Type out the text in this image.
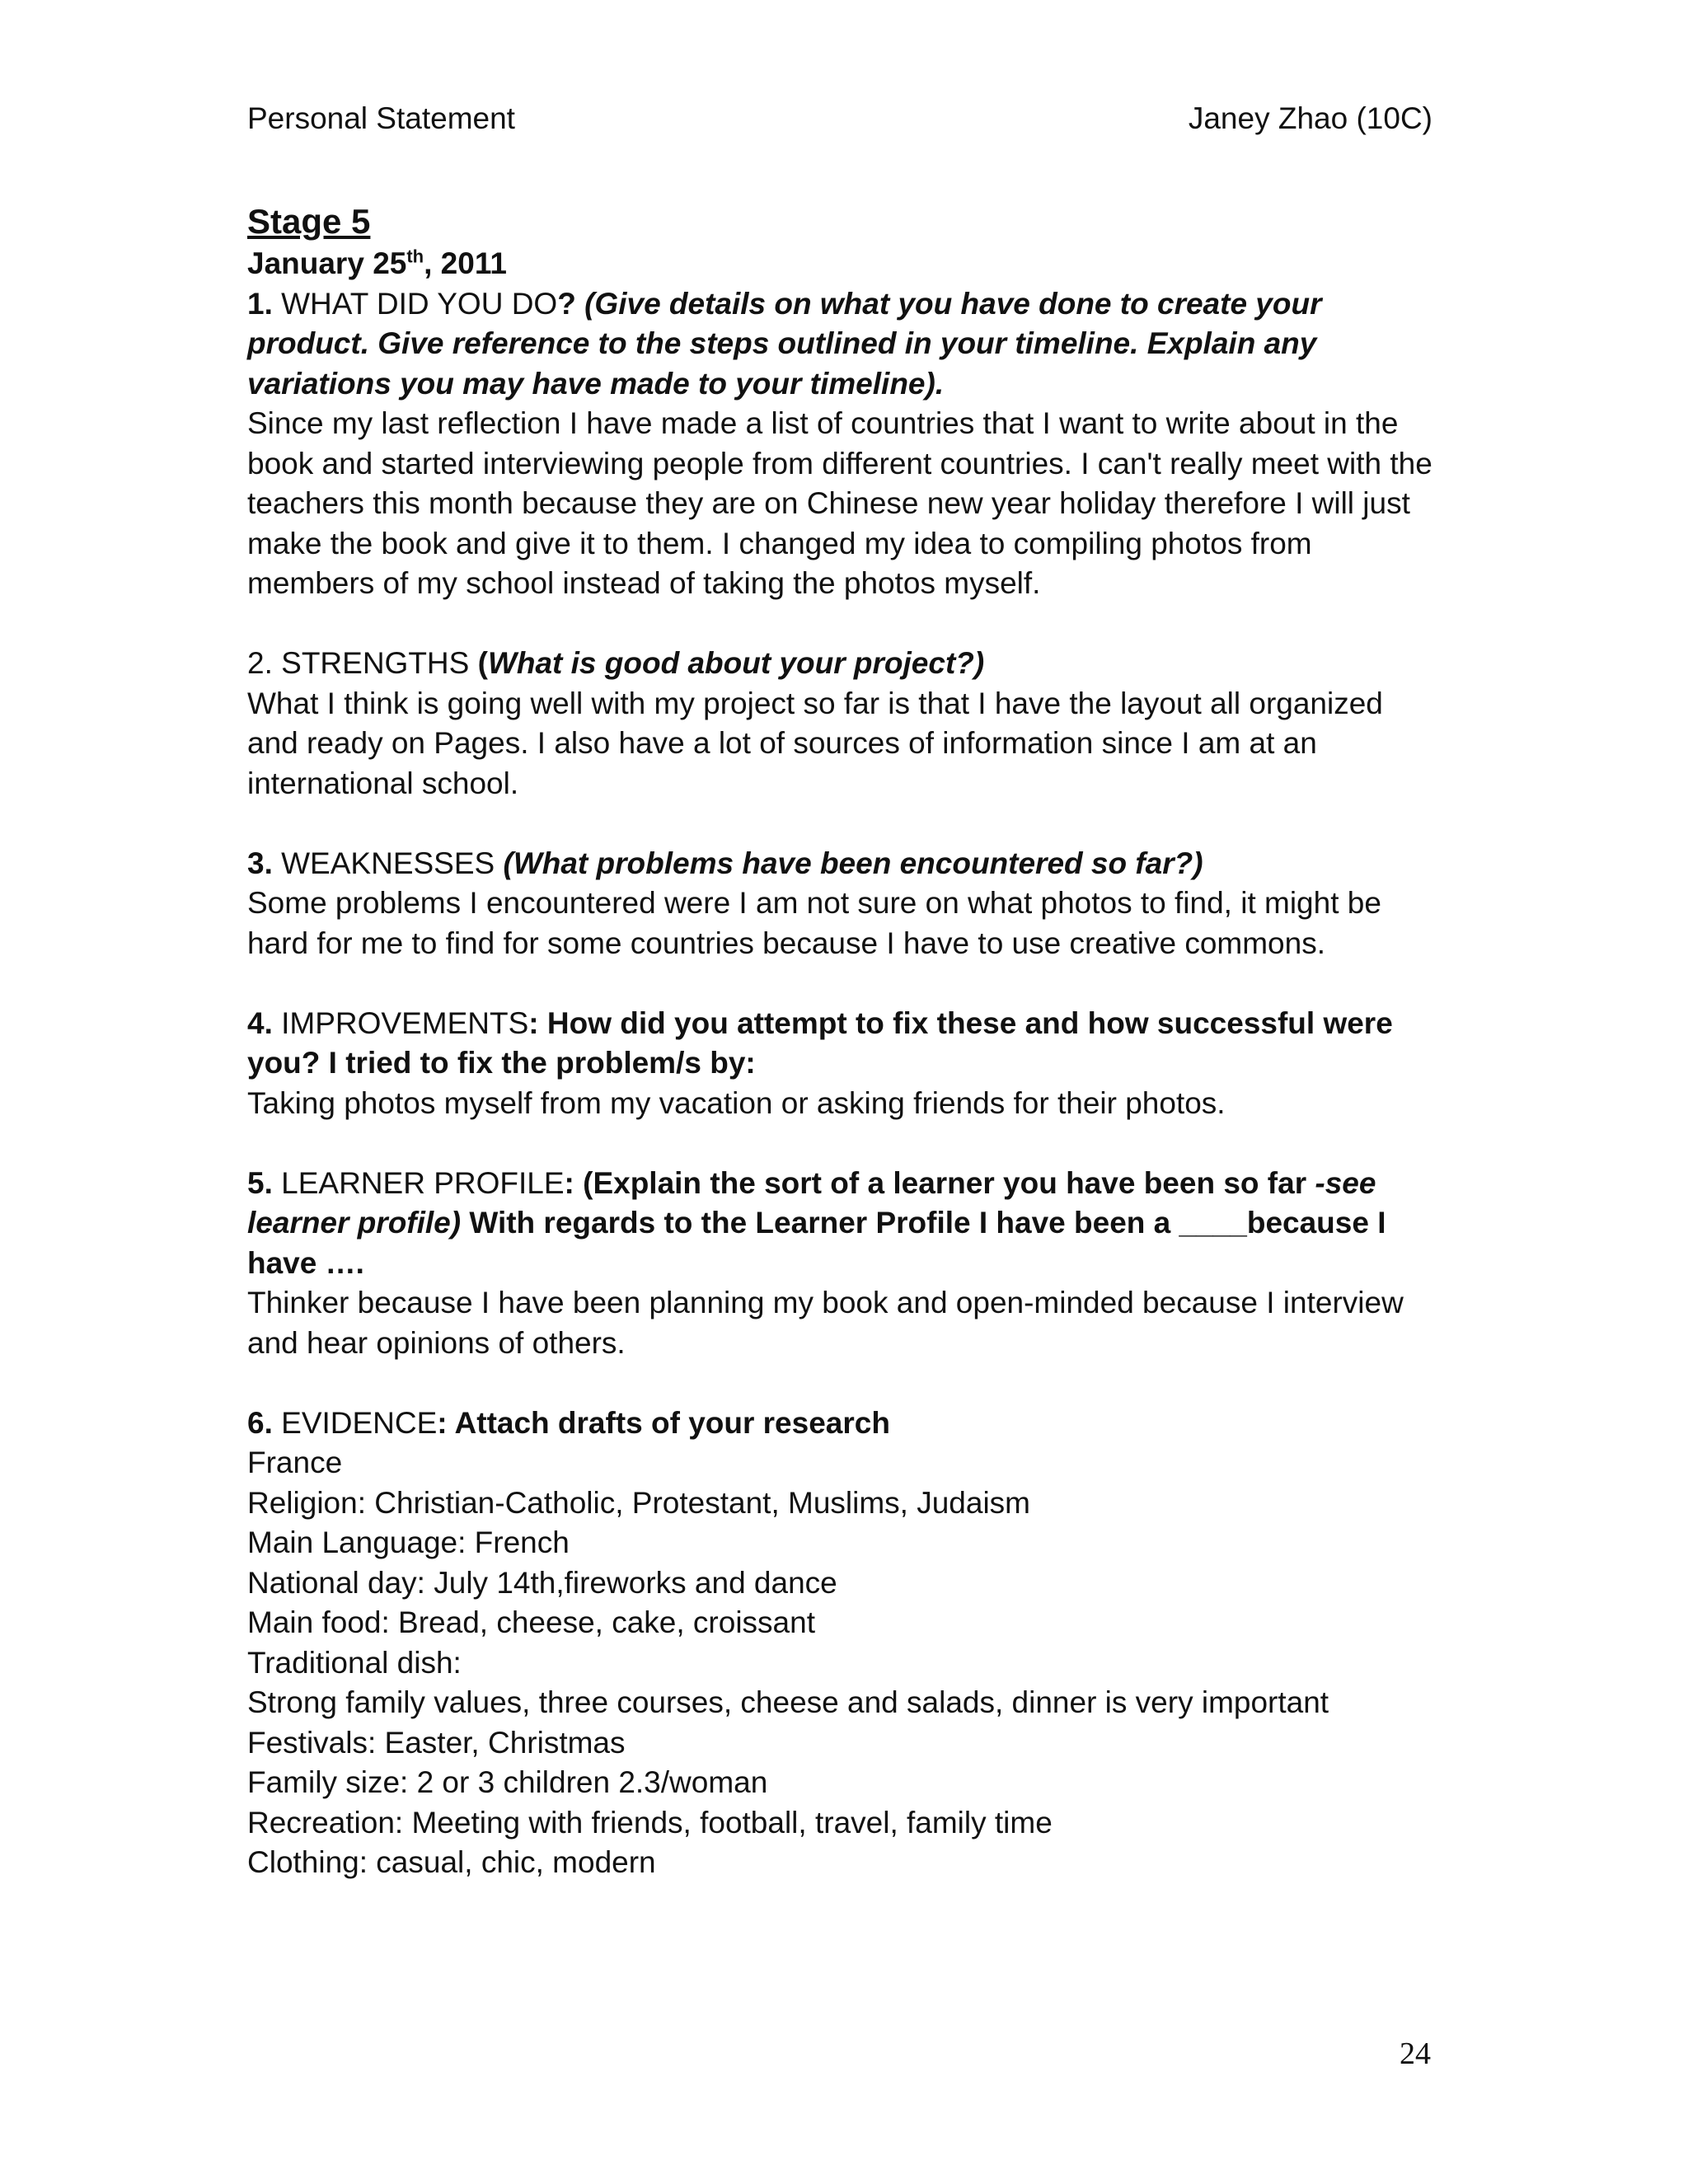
Personal Statement	Janey Zhao (10C)

Stage 5

January 25th, 2011

1. WHAT DID YOU DO? (Give details on what you have done to create your product. Give reference to the steps outlined in your timeline. Explain any variations you may have made to your timeline).

Since my last reflection I have made a list of countries that I want to write about in the book and started interviewing people from different countries. I can't really meet with the teachers this month because they are on Chinese new year holiday therefore I will just make the book and give it to them. I changed my idea to compiling photos from members of my school instead of taking the photos myself.

2. STRENGTHS (What is good about your project?)

What I think is going well with my project so far is that I have the layout all organized and ready on Pages. I also have a lot of sources of information since I am at an international school.

3. WEAKNESSES (What problems have been encountered so far?)

Some problems I encountered were I am not sure on what photos to find, it might be hard for me to find for some countries because I have to use creative commons.

4. IMPROVEMENTS: How did you attempt to fix these and how successful were you? I tried to fix the problem/s by:

Taking photos myself from my vacation or asking friends for their photos.

5. LEARNER PROFILE: (Explain the sort of a learner you have been so far -see learner profile) With regards to the Learner Profile I have been a ____because I have ….

Thinker because I have been planning my book and open-minded because I interview and hear opinions of others.

6. EVIDENCE: Attach drafts of your research

France
Religion: Christian-Catholic, Protestant, Muslims, Judaism
Main Language: French
National day: July 14th,fireworks and dance
Main food: Bread, cheese, cake, croissant
Traditional dish:
Strong family values, three courses, cheese and salads, dinner is very important
Festivals: Easter, Christmas
Family size: 2 or 3 children 2.3/woman
Recreation: Meeting with friends, football, travel, family time
Clothing: casual, chic, modern
24
